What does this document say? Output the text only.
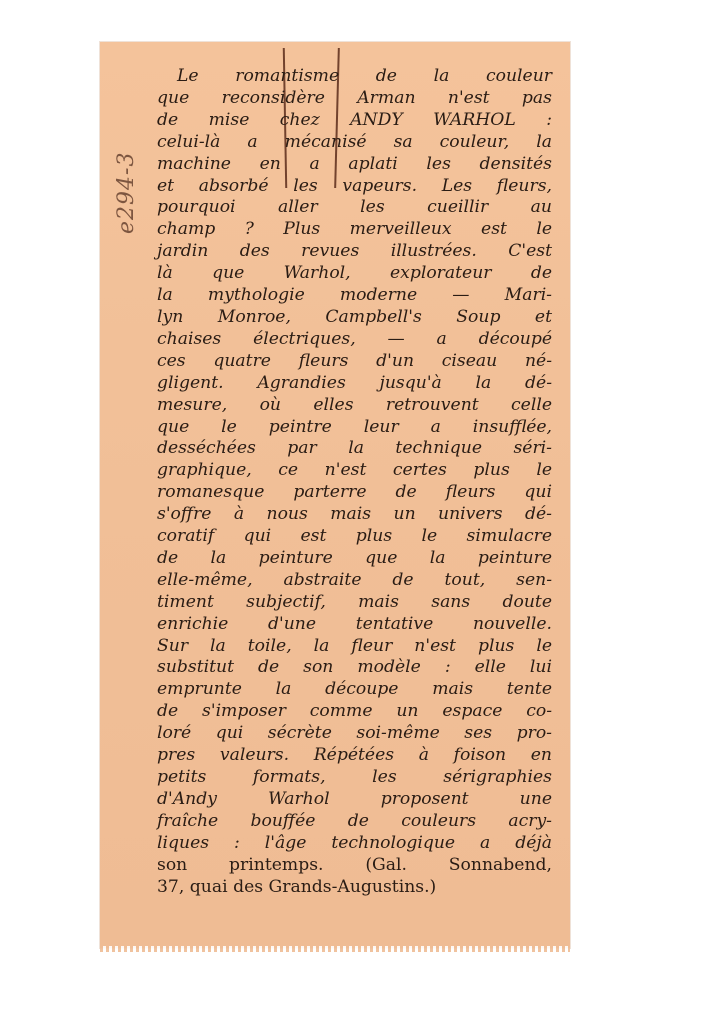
e294-3
Le romantisme de la couleur
que reconsidère Arman n'est pas
de mise chez ANDY WARHOL :
celui-là a mécanisé sa couleur, la
machine en a aplati les densités
et absorbé les vapeurs. Les fleurs,
pourquoi aller les cueillir au
champ ? Plus merveilleux est le
jardin des revues illustrées. C'est
là que Warhol, explorateur de
la mythologie moderne — Mari-
lyn Monroe, Campbell's Soup et
chaises électriques, — a découpé
ces quatre fleurs d'un ciseau né-
gligent. Agrandies jusqu'à la dé-
mesure, où elles retrouvent celle
que le peintre leur a insufflée,
desséchées par la technique séri-
graphique, ce n'est certes plus le
romanesque parterre de fleurs qui
s'offre à nous mais un univers dé-
coratif qui est plus le simulacre
de la peinture que la peinture
elle-même, abstraite de tout, sen-
timent subjectif, mais sans doute
enrichie d'une tentative nouvelle.
Sur la toile, la fleur n'est plus le
substitut de son modèle : elle lui
emprunte la découpe mais tente
de s'imposer comme un espace co-
loré qui sécrète soi-même ses pro-
pres valeurs. Répétées à foison en
petits formats, les sérigraphies
d'Andy Warhol proposent une
fraîche bouffée de couleurs acry-
liques : l'âge technologique a déjà
son printemps. (Gal. Sonnabend,
37, quai des Grands-Augustins.)
